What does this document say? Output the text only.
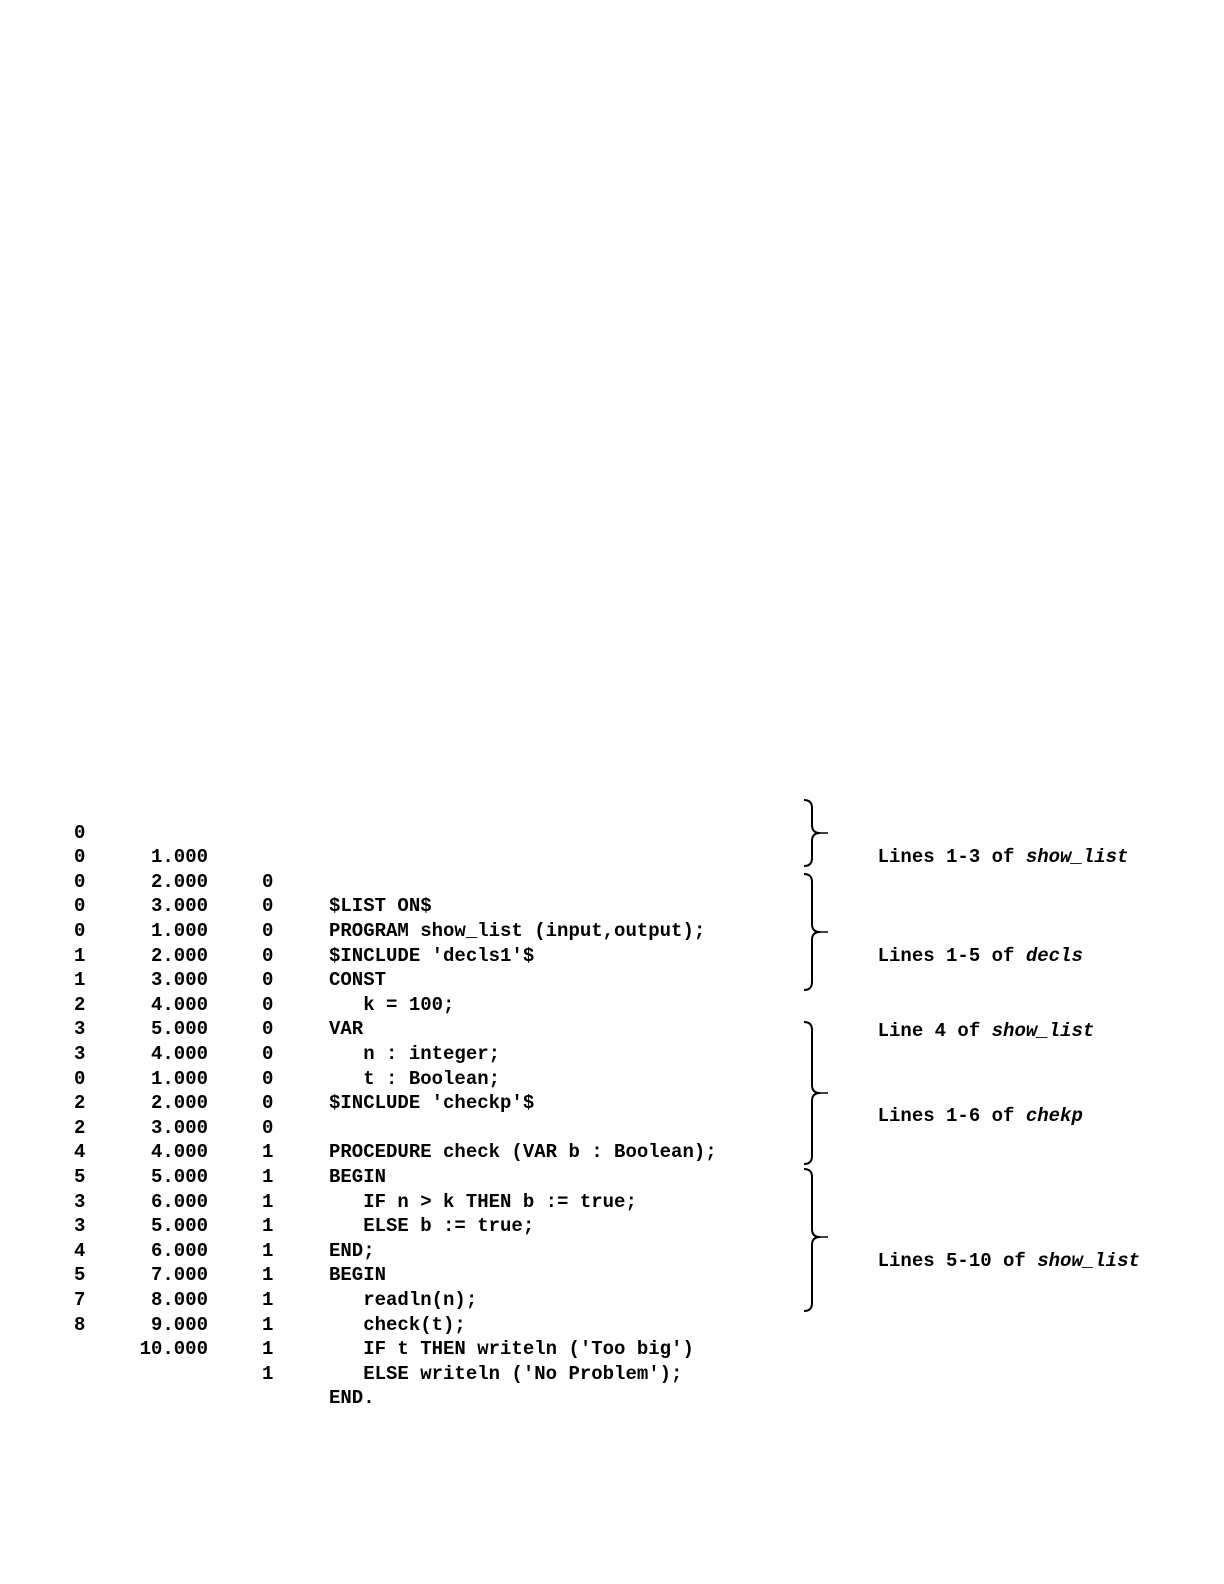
0

1.000

0

$LIST ON$

0

2.000

0

PROGRAM show_list (input,output);

0

3.000

0

$INCLUDE 'decls1'$

0

1.000

0

CONST

0

2.000

0

k = 100;

1

3.000

0

VAR

1

4.000

0

n : integer;

2

5.000

0

t : Boolean;

3

4.000

0

$INCLUDE 'checkp'$

3

1.000

0

0

2.000

0

PROCEDURE check (VAR b : Boolean);

2

3.000

1

BEGIN

2

4.000

1

IF n > k THEN b := true;

4

5.000

1

ELSE b := true;

5

6.000

1

END;

3

5.000

1

BEGIN

3

6.000

1

readln(n);

4

7.000

1

check(t);

5

8.000

1

IF t THEN writeln ('Too big')

7

9.000

1

ELSE writeln ('No Problem');

8

10.000

1

END.

Lines 1-3 of show_list

Lines 1-5 of decls

Line 4 of show_list

Lines 1-6 of chekp

Lines 5-10 of show_list
